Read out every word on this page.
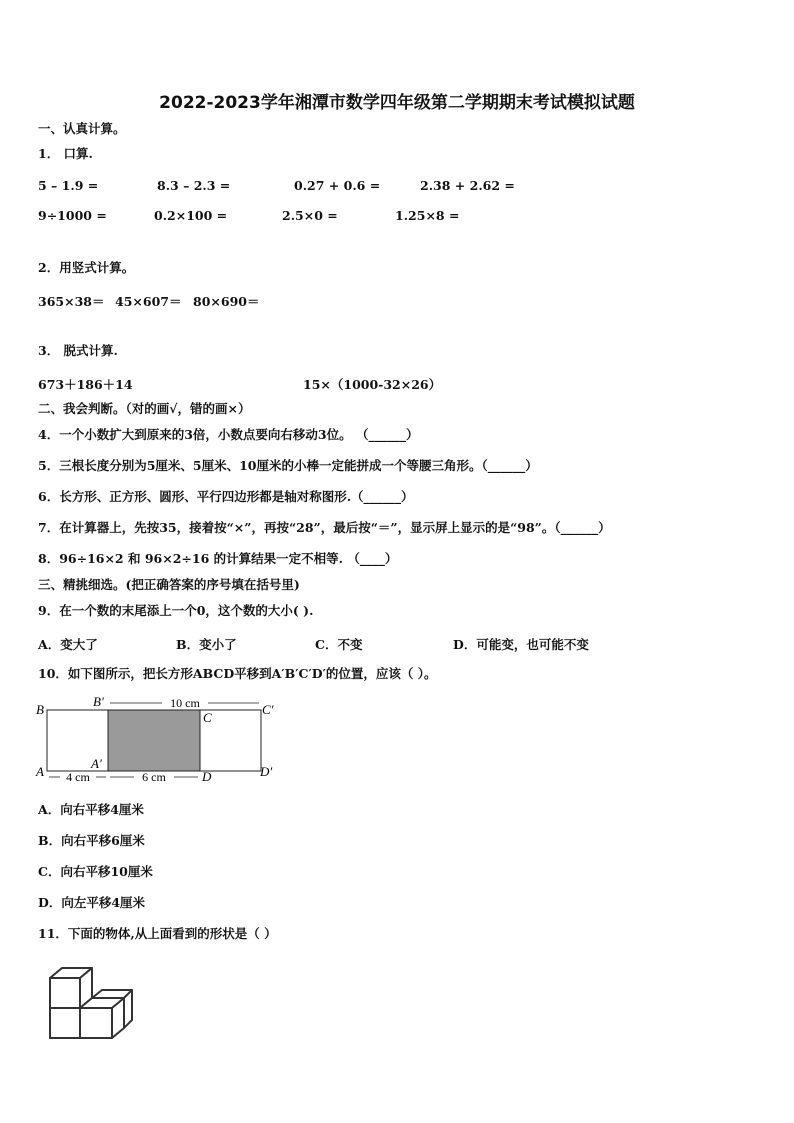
2022-2023学年湘潭市数学四年级第二学期期末考试模拟试题
一、认真计算。
1． 口算.
5 – 1.9 =	8.3 – 2.3 =	0.27 + 0.6 =	2.38 + 2.62 =
9÷1000 =	0.2×100 =	2.5×0 =	1.25×8 =
2．用竖式计算。
365×38＝ 45×607＝ 80×690＝
3． 脱式计算.
673＋186＋14	15×（1000-32×26）
二、我会判断。（对的画√，错的画×）
4．一个小数扩大到原来的3倍，小数点要向右移动3位。 （______）
5．三根长度分别为5厘米、5厘米、10厘米的小棒一定能拼成一个等腰三角形。（______）
6．长方形、正方形、圆形、平行四边形都是轴对称图形.（______）
7．在计算器上，先按35，接着按“×”，再按“28”，最后按“＝”，显示屏上显示的是“98”。（______）
8．96÷16×2 和 96×2÷16 的计算结果一定不相等. （____）
三、精挑细选。(把正确答案的序号填在括号里)
9．在一个数的末尾添上一个0，这个数的大小( ).
A．变大了	B．变小了	C．不变	D．可能变，也可能不变
10．如下图所示，把长方形ABCD平移到A′B′C′D′的位置，应该（ ）。
10 cm
4 cm	6 cm
B
B′
C
C′
A
A′
D	D′
A．向右平移4厘米
B．向右平移6厘米
C．向右平移10厘米
D．向左平移4厘米
11．下面的物体,从上面看到的形状是（ ）
